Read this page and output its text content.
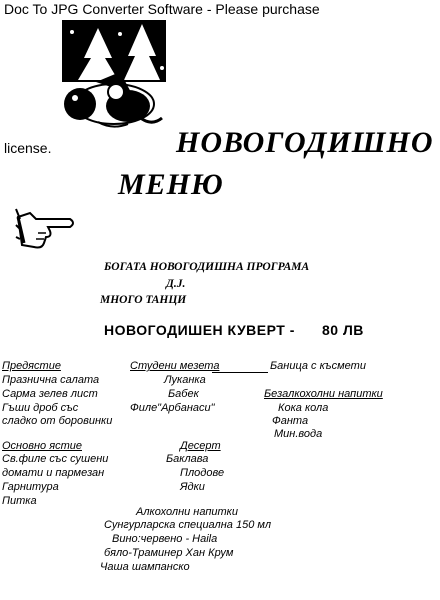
Doc To JPG Converter Software - Please purchase
license.	НОВОГОДИШНО
МЕНЮ
БОГАТА НОВОГОДИШНА ПРОГРАМА
Д.Ј.
МНОГО ТАНЦИ
НОВОГОДИШЕН КУВЕРТ - 80 ЛВ
Предястие
Празнична салата
Сарма зелев лист
Гъши дроб със
сладко от боровинки
Студени мезета
Луканка
Бабек
Филе"Арбанаси"
Баница с късмети
Безалкохолни напитки
Кока кола
Фанта
Мин.вода
Основно ястие
Св.филе със сушени
домати и пармезан
Гарнитура
Питка
Десерт
Баклава
Плодове
Ядки
Алкохолни напитки
Сунгурларска специална 150 мл
Вино:червено - Haila
бяло-Траминер Хан Крум
Чаша шампанско
